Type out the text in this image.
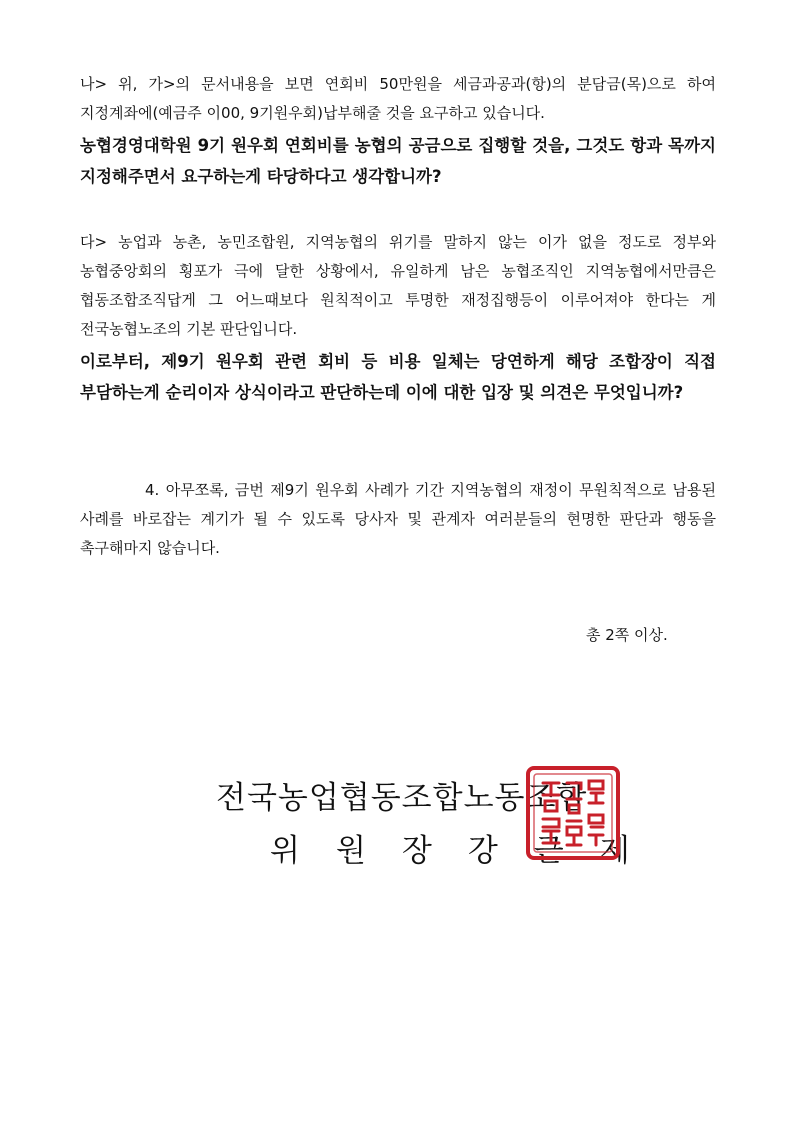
나> 위, 가>의 문서내용을 보면 연회비 50만원을 세금과공과(항)의 분담금(목)으로 하여 지정계좌에(예금주 이00, 9기원우회)납부해줄 것을 요구하고 있습니다.

농협경영대학원 9기 원우회 연회비를 농협의 공금으로 집행할 것을, 그것도 항과 목까지 지정해주면서 요구하는게 타당하다고 생각합니까?

다> 농업과 농촌, 농민조합원, 지역농협의 위기를 말하지 않는 이가 없을 정도로 정부와 농협중앙회의 횡포가 극에 달한 상황에서, 유일하게 남은 농협조직인 지역농협에서만큼은 협동조합조직답게 그 어느때보다 원칙적이고 투명한 재정집행등이 이루어져야 한다는 게 전국농협노조의 기본 판단입니다.

이로부터, 제9기 원우회 관련 회비 등 비용 일체는 당연하게 해당 조합장이 직접 부담하는게 순리이자 상식이라고 판단하는데 이에 대한 입장 및 의견은 무엇입니까?

4. 아무쪼록, 금번 제9기 원우회 사례가 기간 지역농협의 재정이 무원칙적으로 남용된 사례를 바로잡는 계기가 될 수 있도록 당사자 및 관계자 여러분들의 현명한 판단과 행동을 촉구해마지 않습니다.

총 2쪽 이상.

전국농업협동조합노동조합

위원장강근제
